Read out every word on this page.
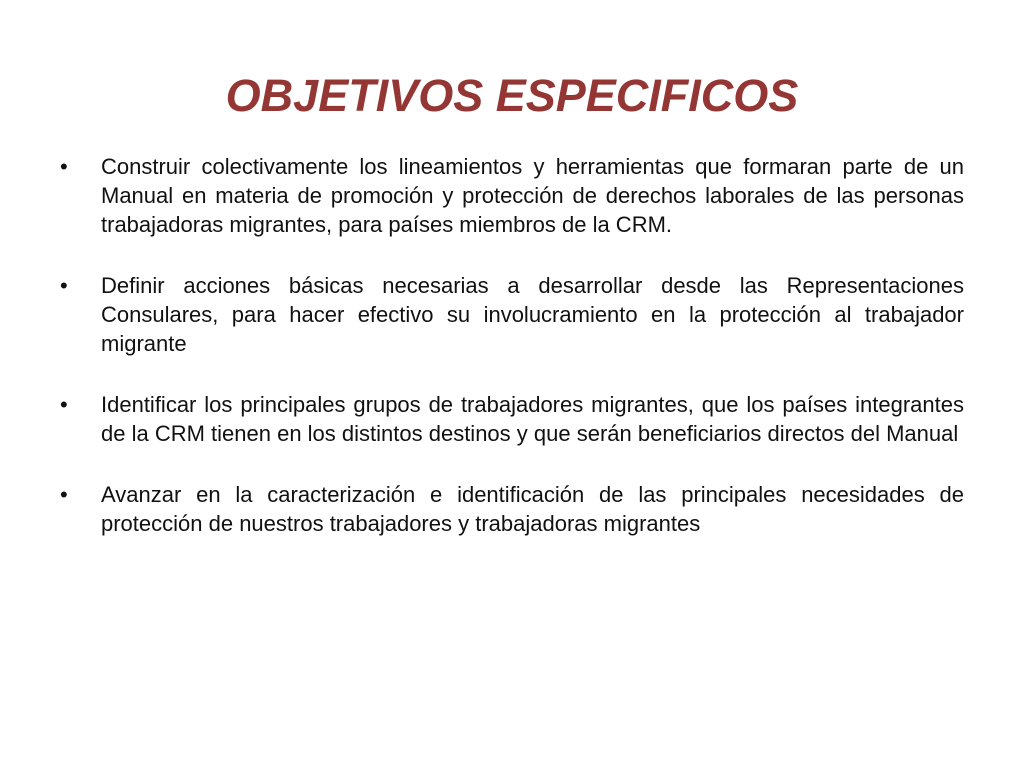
OBJETIVOS ESPECIFICOS
•	Construir colectivamente los lineamientos y herramientas que formaran parte de un Manual en materia de promoción y protección de derechos laborales de las personas trabajadoras migrantes, para países miembros de la CRM.
•	Definir acciones básicas necesarias a desarrollar desde las Representaciones Consulares, para hacer efectivo su involucramiento en la protección al trabajador migrante
•	Identificar los principales grupos de trabajadores migrantes, que los países integrantes de la CRM tienen en los distintos destinos y que serán beneficiarios directos del Manual
•	Avanzar en la caracterización e identificación de las principales necesidades de protección de nuestros trabajadores y trabajadoras migrantes
